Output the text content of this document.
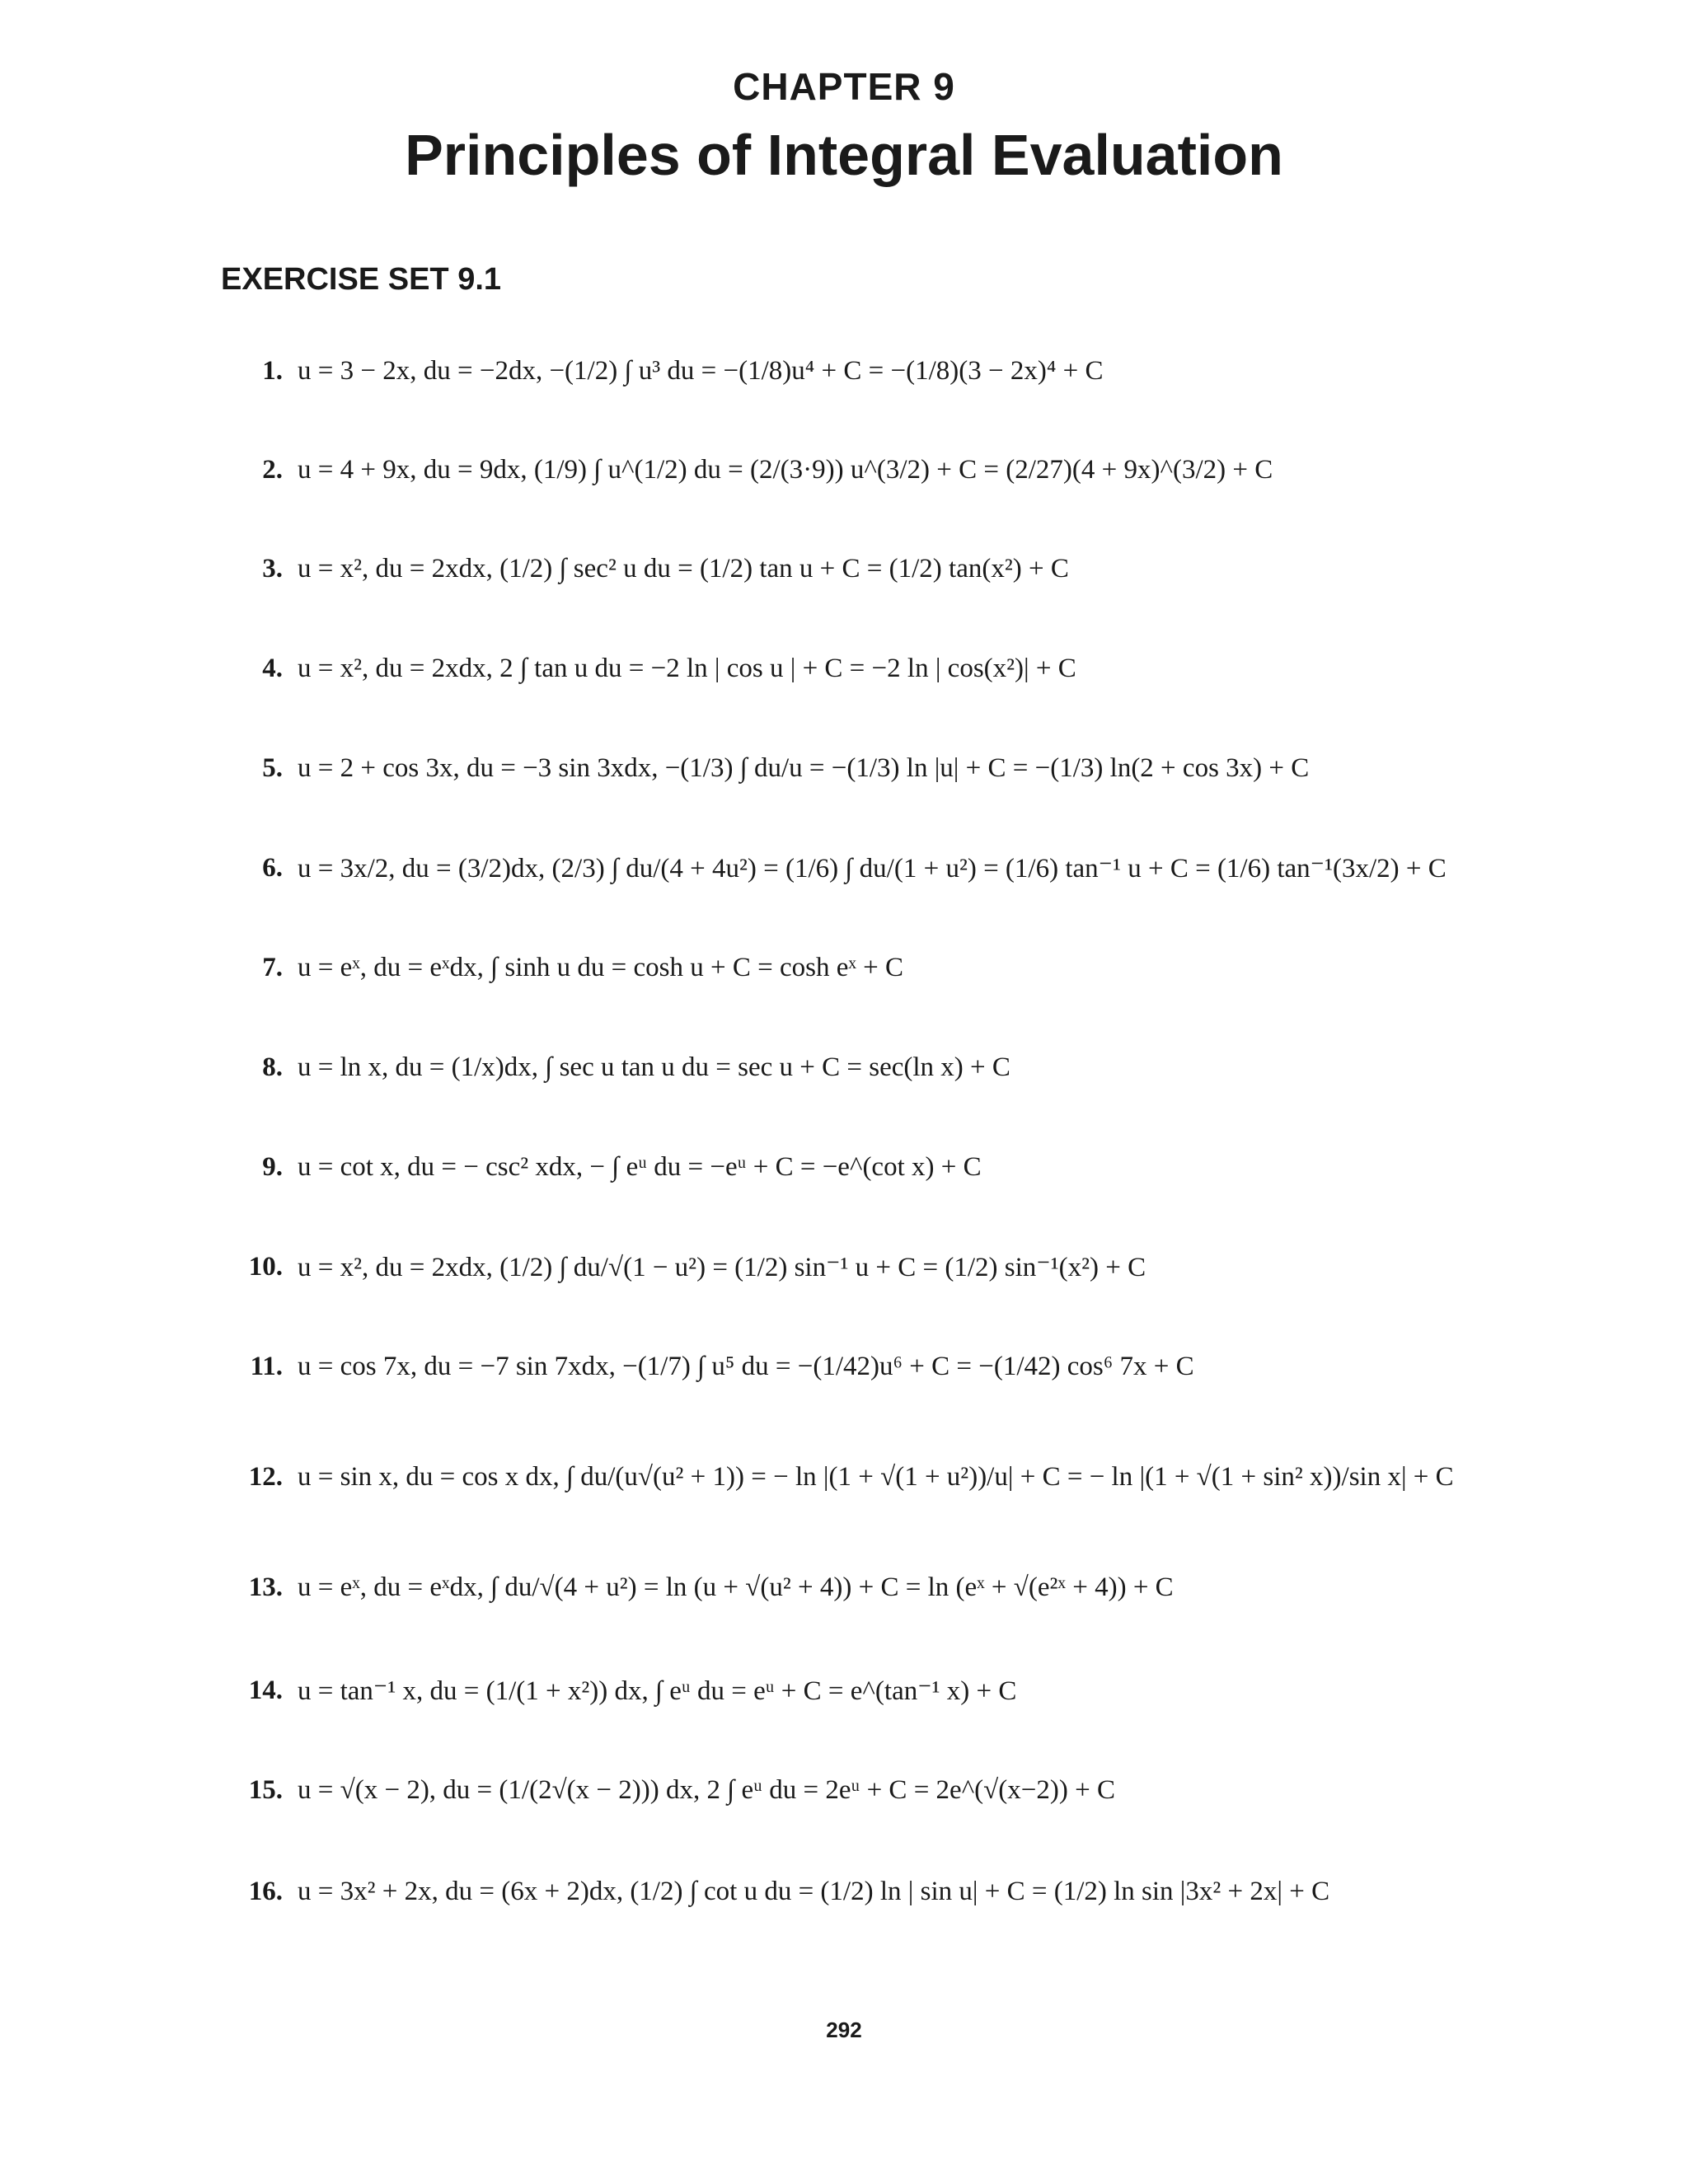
CHAPTER 9
Principles of Integral Evaluation
EXERCISE SET 9.1
1. u = 3 − 2x, du = −2dx, −(1/2) ∫ u³ du = −(1/8)u⁴ + C = −(1/8)(3 − 2x)⁴ + C
2. u = 4 + 9x, du = 9dx, (1/9) ∫ u^(1/2) du = (2/(3·9)) u^(3/2) + C = (2/27)(4 + 9x)^(3/2) + C
3. u = x², du = 2xdx, (1/2) ∫ sec² u du = (1/2) tan u + C = (1/2) tan(x²) + C
4. u = x², du = 2xdx, 2 ∫ tan u du = −2 ln | cos u | + C = −2 ln | cos(x²)| + C
5. u = 2 + cos 3x, du = −3 sin 3xdx, −(1/3) ∫ du/u = −(1/3) ln |u| + C = −(1/3) ln(2 + cos 3x) + C
6. u = 3x/2, du = (3/2)dx, (2/3) ∫ du/(4 + 4u²) = (1/6) ∫ du/(1 + u²) = (1/6) tan⁻¹ u + C = (1/6) tan⁻¹(3x/2) + C
7. u = eˣ, du = eˣdx, ∫ sinh u du = cosh u + C = cosh eˣ + C
8. u = ln x, du = (1/x)dx, ∫ sec u tan u du = sec u + C = sec(ln x) + C
9. u = cot x, du = − csc² xdx, − ∫ eᵘ du = −eᵘ + C = −e^(cot x) + C
10. u = x², du = 2xdx, (1/2) ∫ du/√(1 − u²) = (1/2) sin⁻¹ u + C = (1/2) sin⁻¹(x²) + C
11. u = cos 7x, du = −7 sin 7xdx, −(1/7) ∫ u⁵ du = −(1/42)u⁶ + C = −(1/42) cos⁶ 7x + C
12. u = sin x, du = cos x dx, ∫ du/(u√(u² + 1)) = − ln |(1 + √(1 + u²))/u| + C = − ln |(1 + √(1 + sin² x))/sin x| + C
13. u = eˣ, du = eˣdx, ∫ du/√(4 + u²) = ln (u + √(u² + 4)) + C = ln (eˣ + √(e²ˣ + 4)) + C
14. u = tan⁻¹ x, du = (1/(1 + x²)) dx, ∫ eᵘ du = eᵘ + C = e^(tan⁻¹ x) + C
15. u = √(x − 2), du = (1/(2√(x − 2))) dx, 2 ∫ eᵘ du = 2eᵘ + C = 2e^(√(x−2)) + C
16. u = 3x² + 2x, du = (6x + 2)dx, (1/2) ∫ cot u du = (1/2) ln | sin u| + C = (1/2) ln sin |3x² + 2x| + C
292
